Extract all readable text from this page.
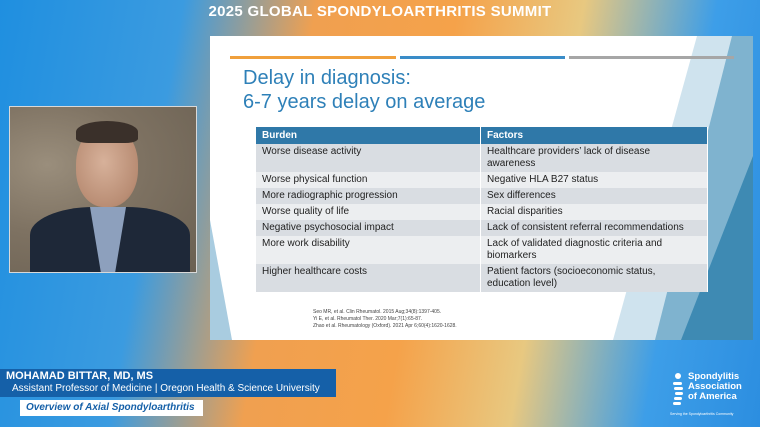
2025 GLOBAL SPONDYLOARTHRITIS SUMMIT
Delay in diagnosis:
6-7 years delay on average
Burden	Factors
Worse disease activity	Healthcare providers’ lack of disease awareness
Worse physical function	Negative HLA B27 status
More radiographic progression	Sex differences
Worse quality of life	Racial disparities
Negative psychosocial impact	Lack of consistent referral recommendations
More work disability	Lack of validated diagnostic criteria and biomarkers
Higher healthcare costs	Patient factors (socioeconomic status, education level)
Seo MR, et al. Clin Rheumatol. 2015 Aug;34(8):1397-405.
Yi E, et al. Rheumatol Ther. 2020 Mar;7(1):65-87.
Zhao et al. Rheumatology (Oxford). 2021 Apr 6;60(4):1620-1628.
MOHAMAD BITTAR, MD, MS
Assistant Professor of Medicine | Oregon Health & Science University
Overview of Axial Spondyloarthritis
Spondylitis
Association
of America
Serving the Spondyloarthritis Community
